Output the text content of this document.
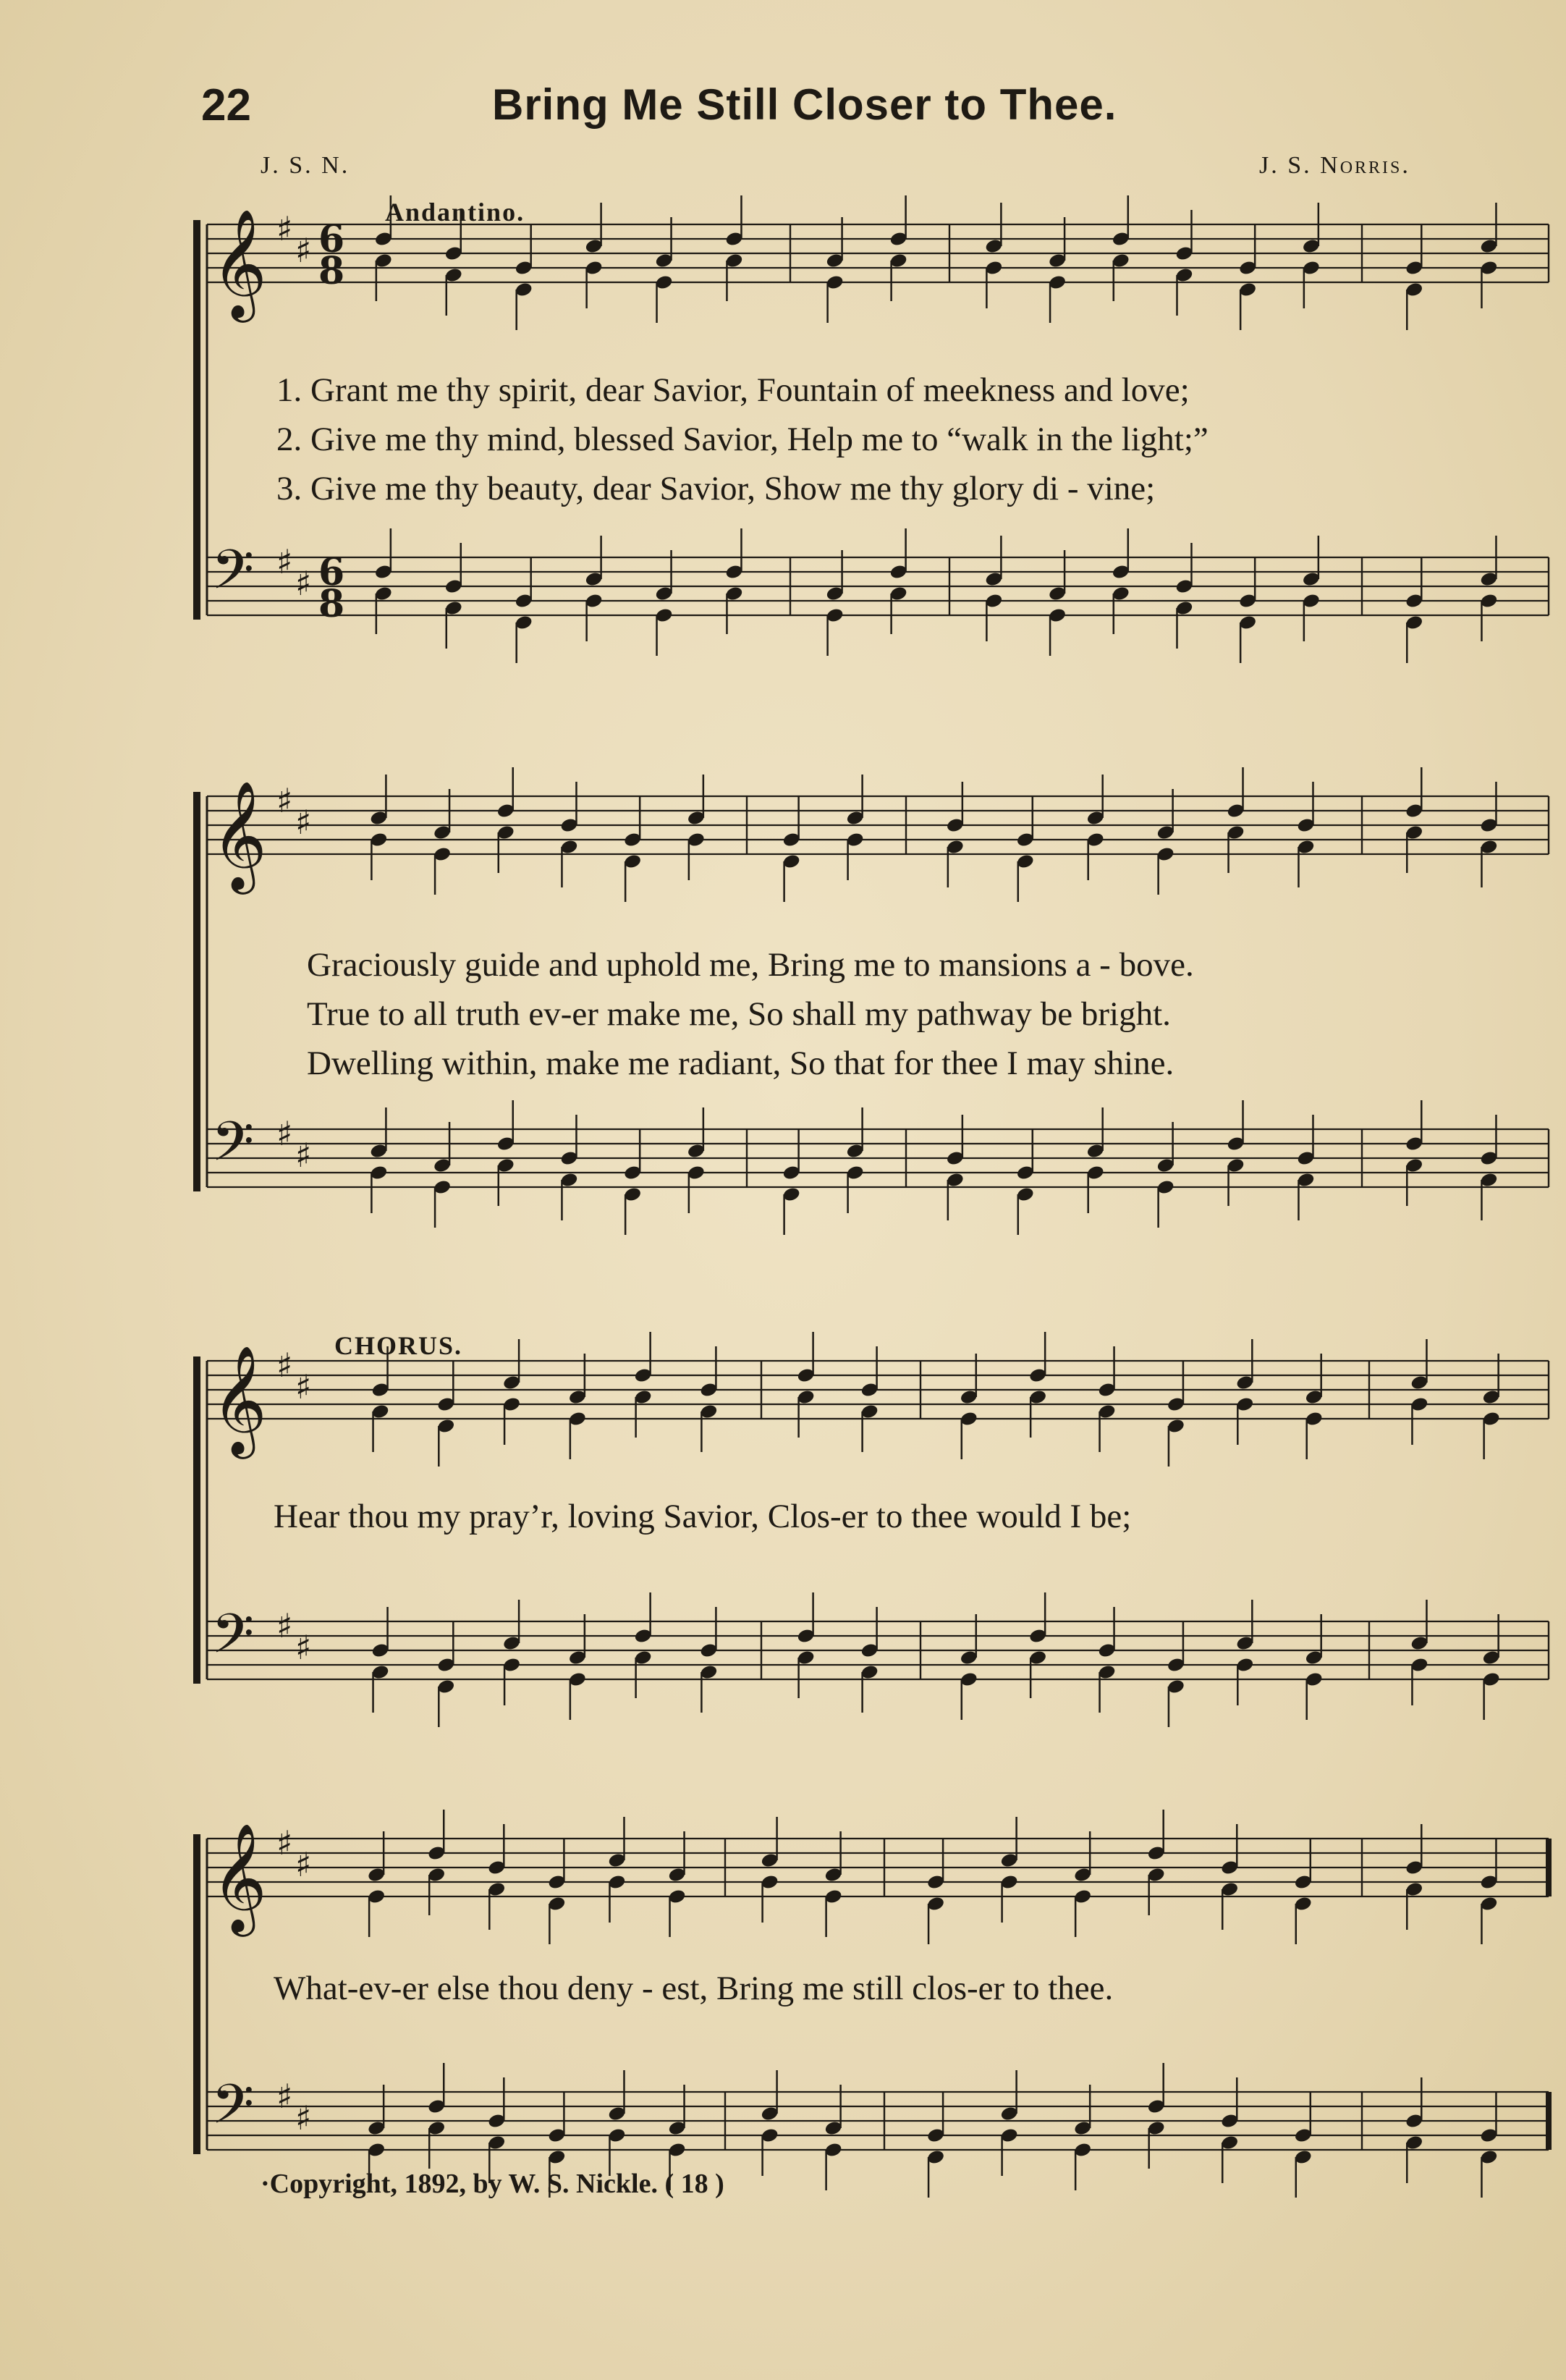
22	Bring Me Still Closer to Thee.
J. S. N.	J. S. Norris.
Andantino.
𝄞 ♯
♯ 6
8
𝄢 ♯
♯ 6
8
1. Grant me thy spirit, dear Savior, Fountain of meekness and love;
2. Give me thy mind, blessed Savior, Help me to “walk in the light;”
3. Give me thy beauty, dear Savior, Show me thy glory di - vine;
𝄞 ♯
♯
𝄢 ♯
♯
Graciously guide and uphold me, Bring me to mansions a - bove.
True to all truth ev-er make me, So shall my pathway be bright.
Dwelling within, make me radiant, So that for thee I may shine.
CHORUS.
𝄞 ♯
♯
𝄢 ♯
♯
Hear thou my pray’r, loving Savior, Clos-er to thee would I be;
𝄞 ♯
♯
𝄢 ♯
♯
What-ev-er else thou deny - est, Bring me still clos-er to thee.
·Copyright, 1892, by W. S. Nickle. ( 18 )
